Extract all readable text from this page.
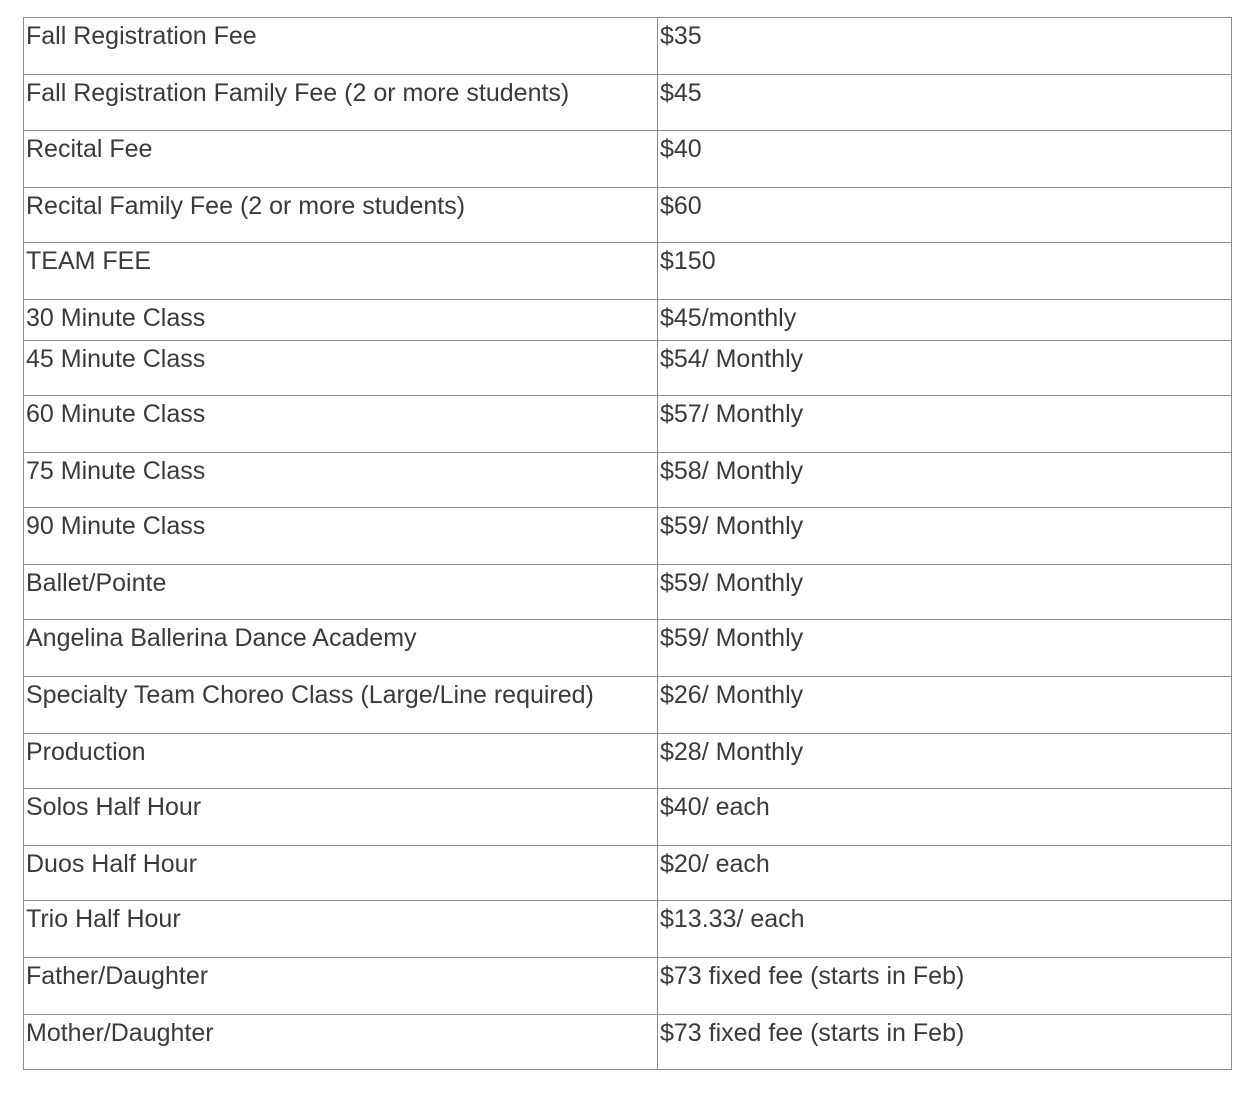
Fall Registration Fee	$35
Fall Registration Family Fee (2 or more students)	$45
Recital Fee	$40
Recital Family Fee (2 or more students)	$60
TEAM FEE	$150
30 Minute Class	$45/monthly
45 Minute Class	$54/ Monthly
60 Minute Class	$57/ Monthly
75 Minute Class	$58/ Monthly
90 Minute Class	$59/ Monthly
Ballet/Pointe	$59/ Monthly
Angelina Ballerina Dance Academy	$59/ Monthly
Specialty Team Choreo Class (Large/Line required)	$26/ Monthly
Production	$28/ Monthly
Solos Half Hour	$40/ each
Duos Half Hour	$20/ each
Trio Half Hour	$13.33/ each
Father/Daughter	$73 fixed fee (starts in Feb)
Mother/Daughter	$73 fixed fee (starts in Feb)
